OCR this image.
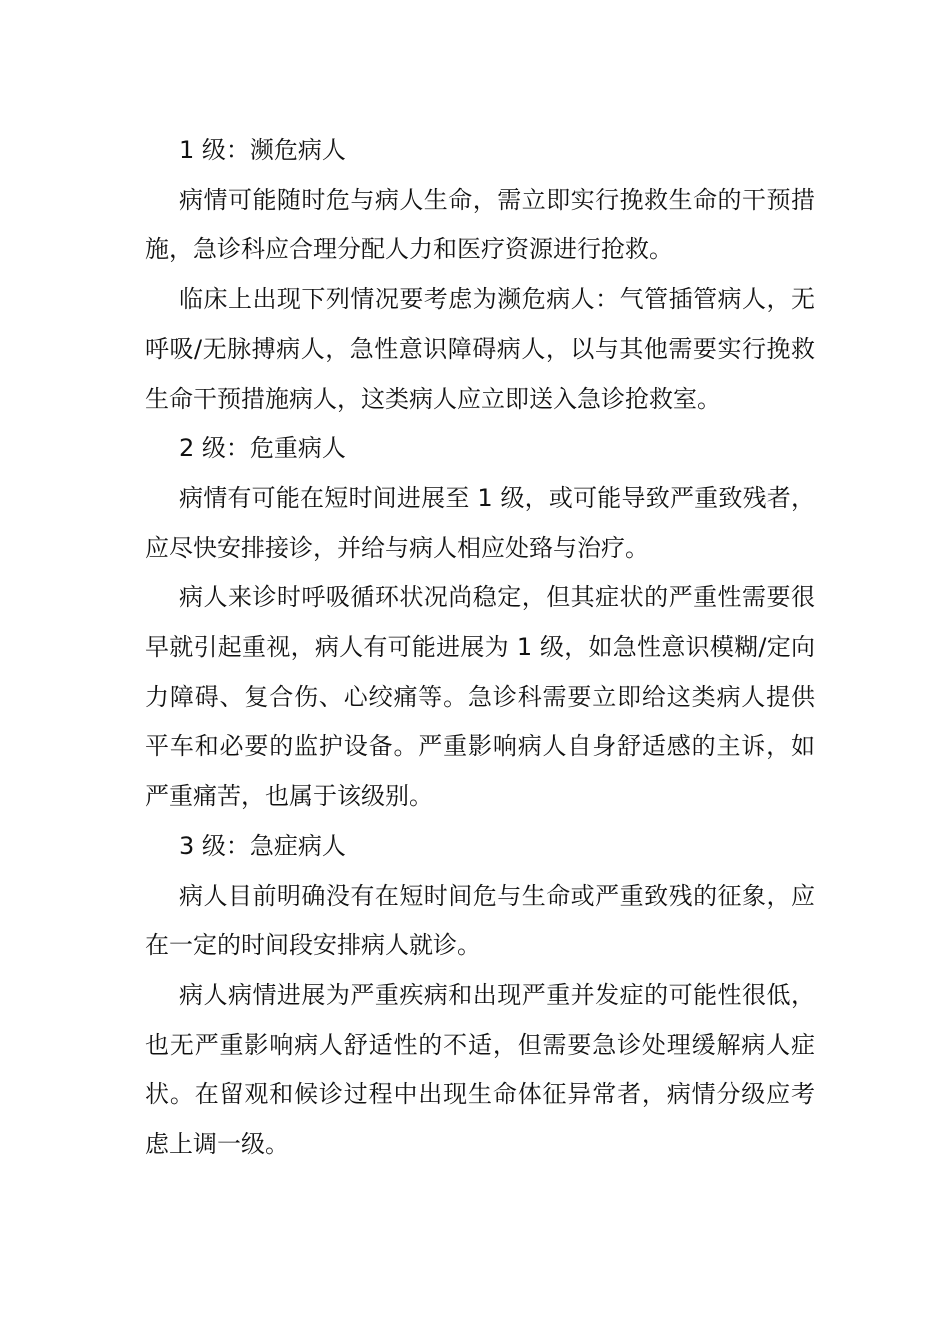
1 级：濒危病人

病情可能随时危与病人生命，需立即实行挽救生命的干预措施，急诊科应合理分配人力和医疗资源进行抢救。

临床上出现下列情况要考虑为濒危病人：气管插管病人，无呼吸/无脉搏病人，急性意识障碍病人，以与其他需要实行挽救生命干预措施病人，这类病人应立即送入急诊抢救室。

2 级：危重病人

病情有可能在短时间进展至 1 级，或可能导致严重致残者，应尽快安排接诊，并给与病人相应处臵与治疗。

病人来诊时呼吸循环状况尚稳定，但其症状的严重性需要很早就引起重视，病人有可能进展为 1 级，如急性意识模糊/定向力障碍、复合伤、心绞痛等。急诊科需要立即给这类病人提供平车和必要的监护设备。严重影响病人自身舒适感的主诉，如严重痛苦，也属于该级别。

3 级：急症病人

病人目前明确没有在短时间危与生命或严重致残的征象，应在一定的时间段安排病人就诊。

病人病情进展为严重疾病和出现严重并发症的可能性很低，也无严重影响病人舒适性的不适，但需要急诊处理缓解病人症状。在留观和候诊过程中出现生命体征异常者，病情分级应考虑上调一级。
